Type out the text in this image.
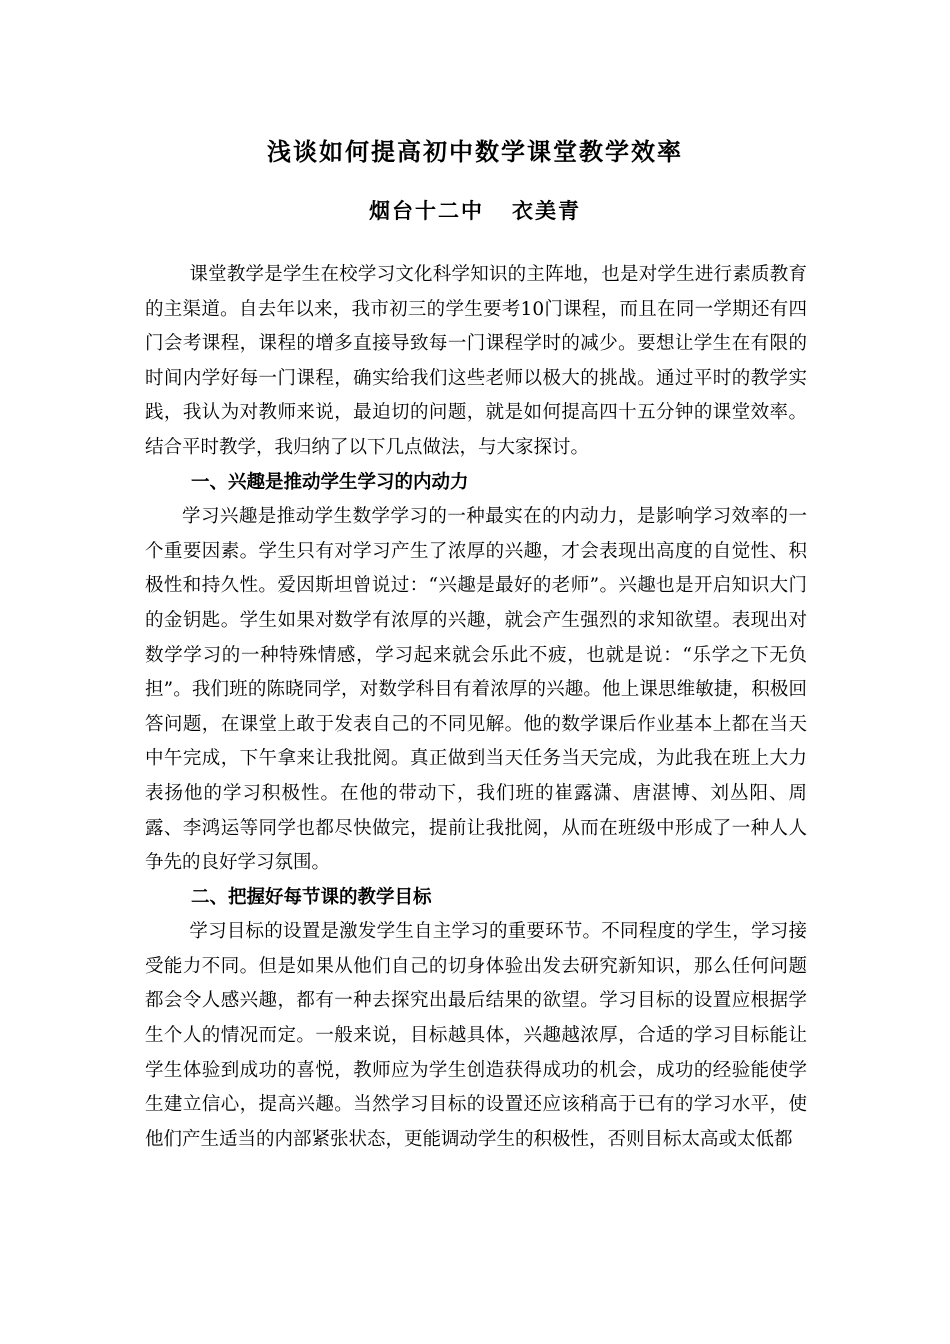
浅谈如何提高初中数学课堂教学效率
烟台十二中 衣美青

课堂教学是学生在校学习文化科学知识的主阵地，也是对学生进行素质教育的主渠道。自去年以来，我市初三的学生要考10门课程，而且在同一学期还有四门会考课程，课程的增多直接导致每一门课程学时的减少。要想让学生在有限的时间内学好每一门课程，确实给我们这些老师以极大的挑战。通过平时的教学实践，我认为对教师来说，最迫切的问题，就是如何提高四十五分钟的课堂效率。结合平时教学，我归纳了以下几点做法，与大家探讨。

一、兴趣是推动学生学习的内动力

学习兴趣是推动学生数学学习的一种最实在的内动力，是影响学习效率的一个重要因素。学生只有对学习产生了浓厚的兴趣，才会表现出高度的自觉性、积极性和持久性。爱因斯坦曾说过：“兴趣是最好的老师”。兴趣也是开启知识大门的金钥匙。学生如果对数学有浓厚的兴趣，就会产生强烈的求知欲望。表现出对数学学习的一种特殊情感，学习起来就会乐此不疲，也就是说：“乐学之下无负担”。我们班的陈晓同学，对数学科目有着浓厚的兴趣。他上课思维敏捷，积极回答问题，在课堂上敢于发表自己的不同见解。他的数学课后作业基本上都在当天中午完成，下午拿来让我批阅。真正做到当天任务当天完成，为此我在班上大力表扬他的学习积极性。在他的带动下，我们班的崔露潇、唐湛博、刘丛阳、周露、李鸿运等同学也都尽快做完，提前让我批阅，从而在班级中形成了一种人人争先的良好学习氛围。

二、把握好每节课的教学目标

学习目标的设置是激发学生自主学习的重要环节。不同程度的学生，学习接受能力不同。但是如果从他们自己的切身体验出发去研究新知识，那么任何问题都会令人感兴趣，都有一种去探究出最后结果的欲望。学习目标的设置应根据学生个人的情况而定。一般来说，目标越具体，兴趣越浓厚，合适的学习目标能让学生体验到成功的喜悦，教师应为学生创造获得成功的机会，成功的经验能使学生建立信心，提高兴趣。当然学习目标的设置还应该稍高于已有的学习水平，使他们产生适当的内部紧张状态，更能调动学生的积极性，否则目标太高或太低都
